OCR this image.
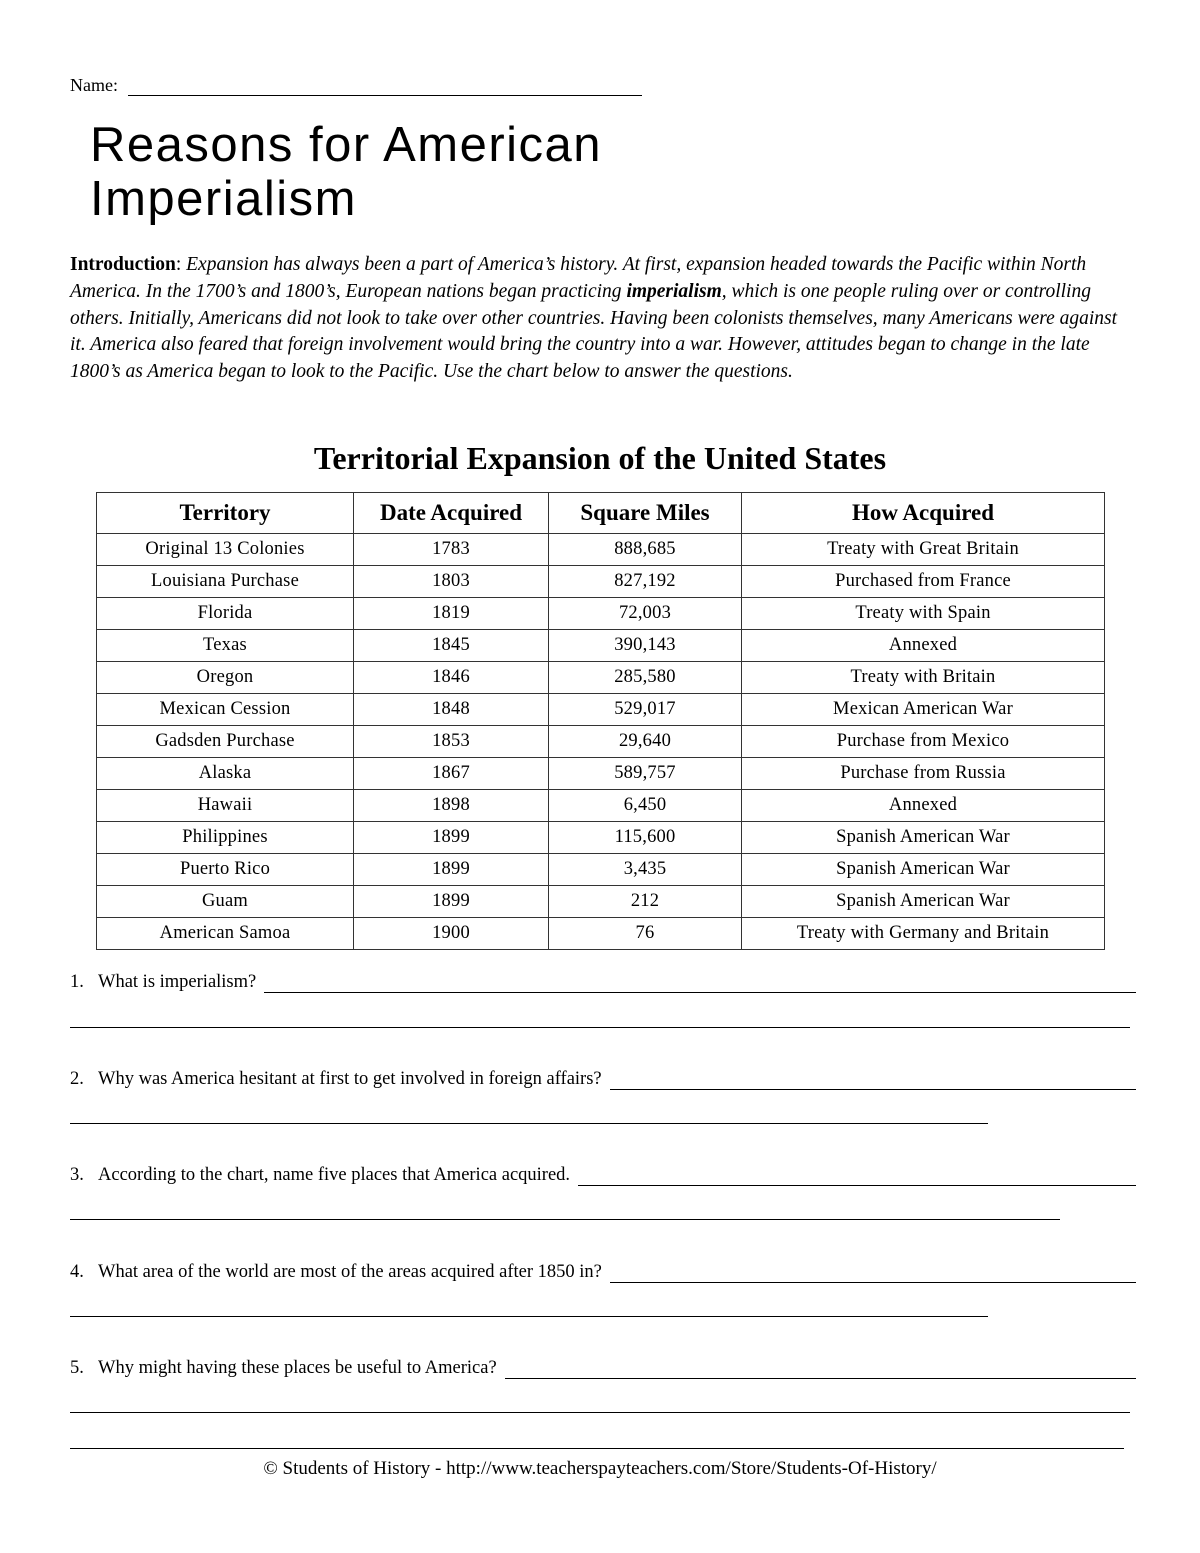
Name:
Reasons for American
Imperialism

Introduction: Expansion has always been a part of America’s history. At first, expansion headed towards the Pacific within North America. In the 1700’s and 1800’s, European nations began practicing imperialism, which is one people ruling over or controlling others. Initially, Americans did not look to take over other countries. Having been colonists themselves, many Americans were against it. America also feared that foreign involvement would bring the country into a war. However, attitudes began to change in the late 1800’s as America began to look to the Pacific. Use the chart below to answer the questions.

Territorial Expansion of the United States
Territory	Date Acquired	Square Miles	How Acquired
Original 13 Colonies	1783	888,685	Treaty with Great Britain
Louisiana Purchase	1803	827,192	Purchased from France
Florida	1819	72,003	Treaty with Spain
Texas	1845	390,143	Annexed
Oregon	1846	285,580	Treaty with Britain
Mexican Cession	1848	529,017	Mexican American War
Gadsden Purchase	1853	29,640	Purchase from Mexico
Alaska	1867	589,757	Purchase from Russia
Hawaii	1898	6,450	Annexed
Philippines	1899	115,600	Spanish American War
Puerto Rico	1899	3,435	Spanish American War
Guam	1899	212	Spanish American War
American Samoa	1900	76	Treaty with Germany and Britain
1. What is imperialism?
2. Why was America hesitant at first to get involved in foreign affairs?
3. According to the chart, name five places that America acquired.
4. What area of the world are most of the areas acquired after 1850 in?
5. Why might having these places be useful to America?
© Students of History - http://www.teacherspayteachers.com/Store/Students-Of-History/
